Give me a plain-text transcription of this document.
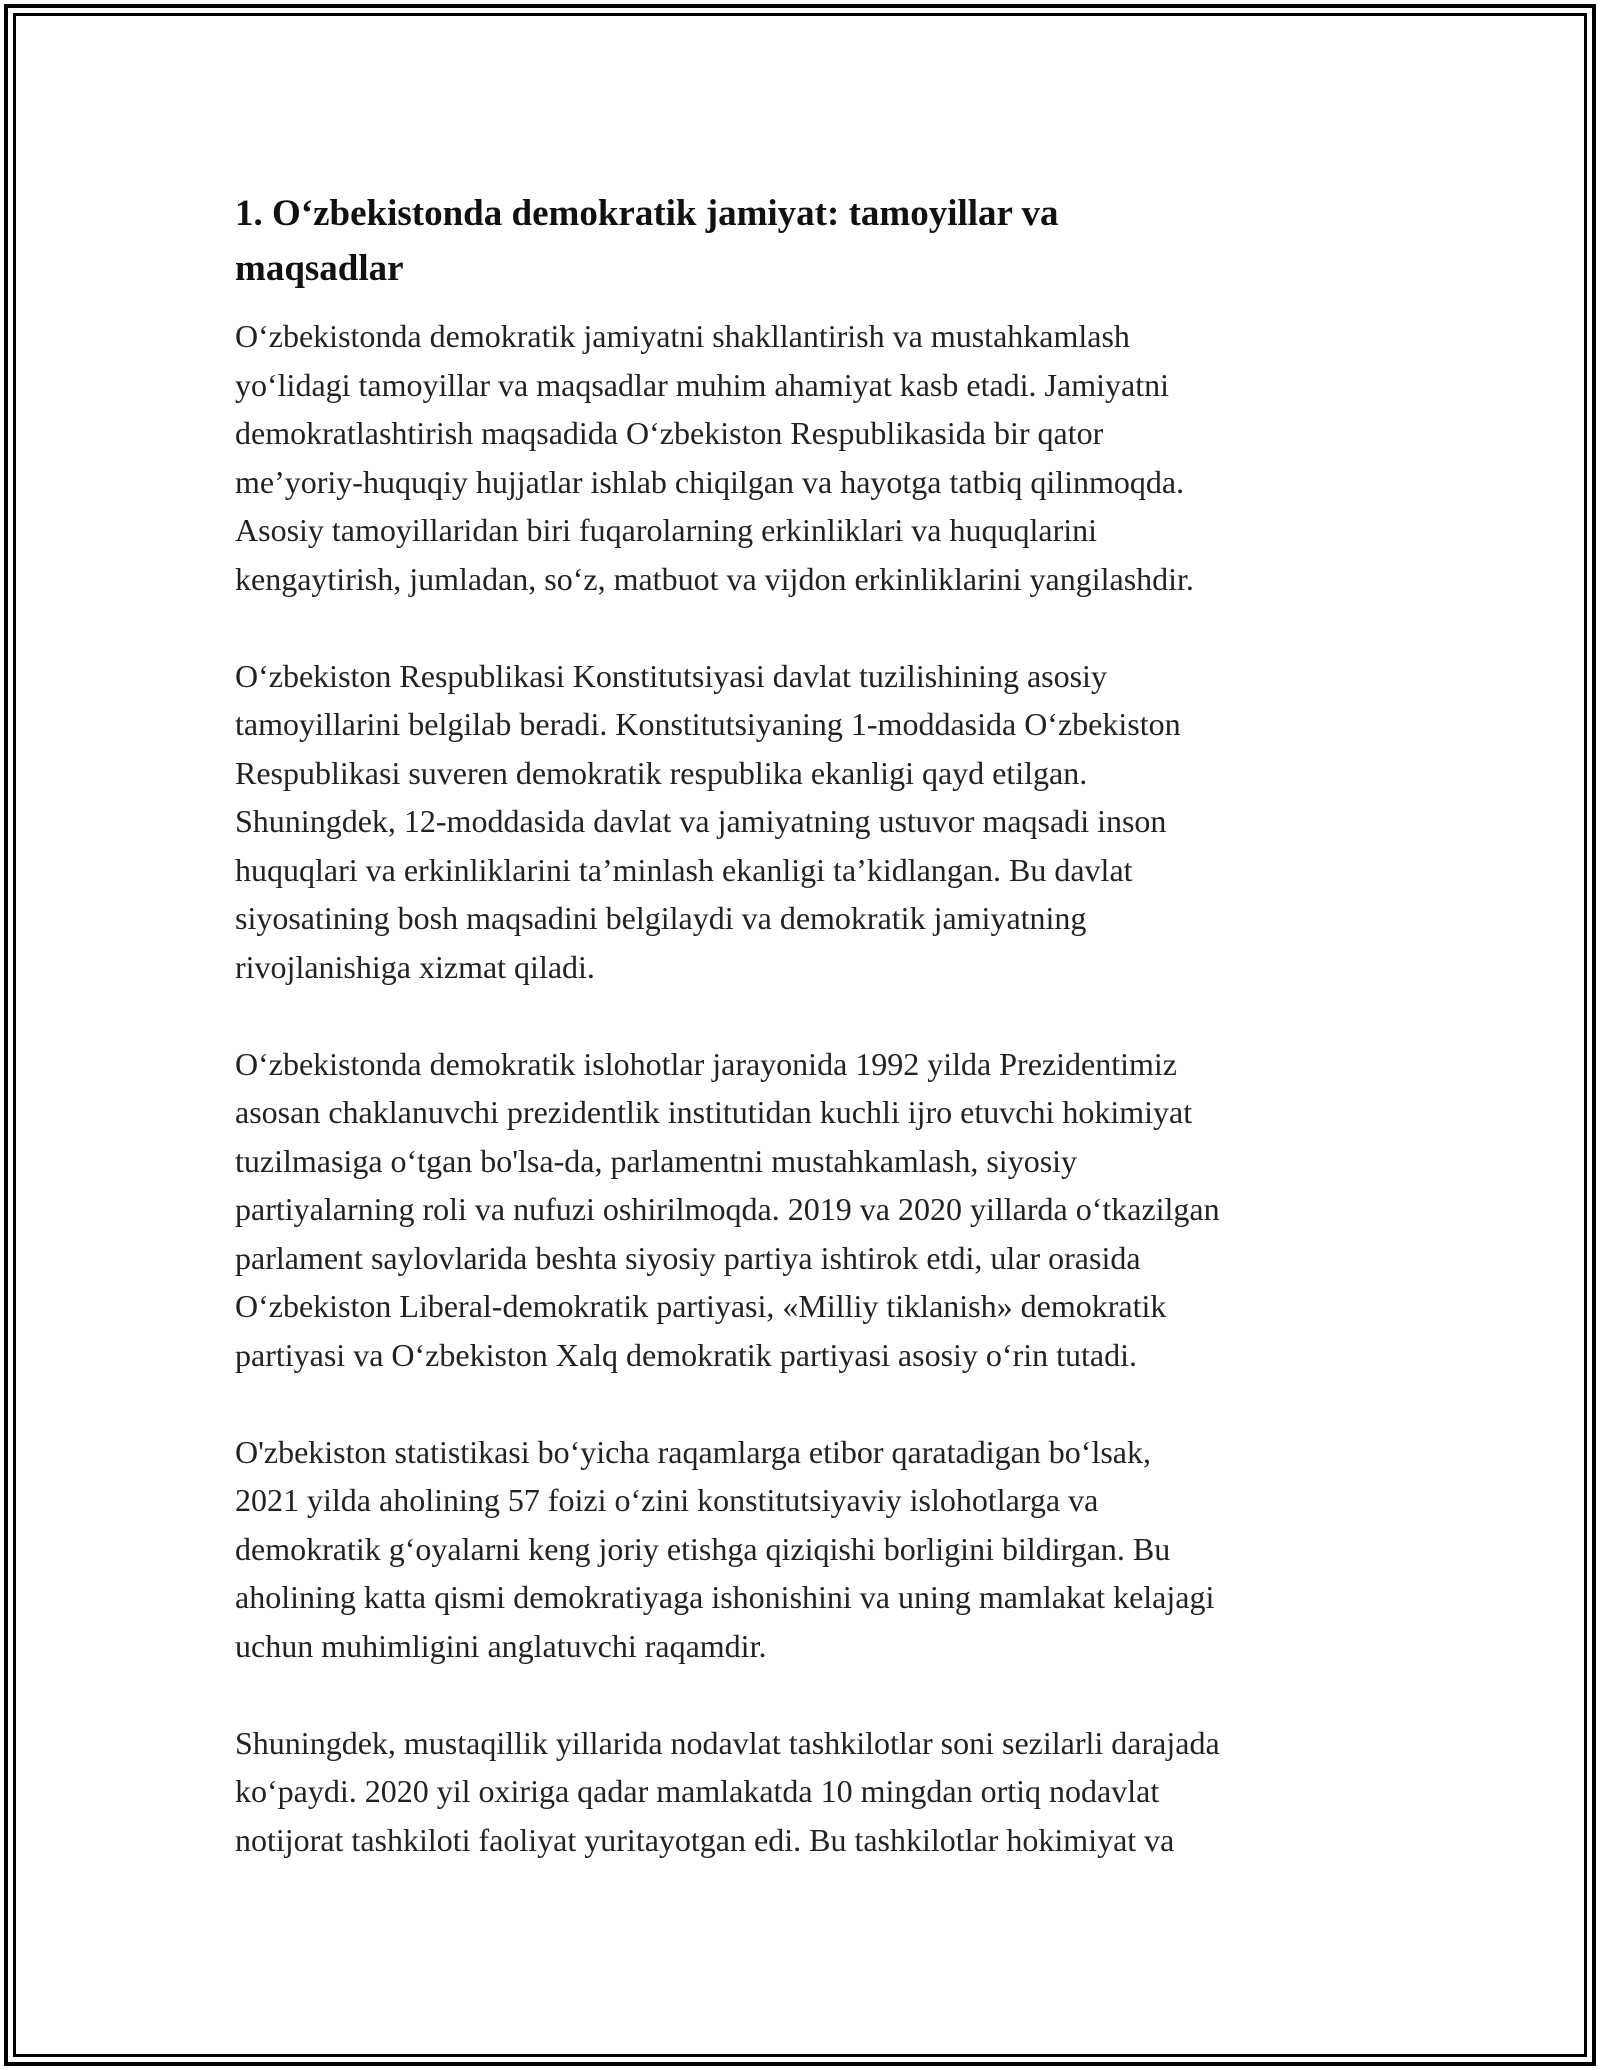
1. O‘zbekistonda demokratik jamiyat: tamoyillar va
maqsadlar

O‘zbekistonda demokratik jamiyatni shakllantirish va mustahkamlash
yo‘lidagi tamoyillar va maqsadlar muhim ahamiyat kasb etadi. Jamiyatni
demokratlashtirish maqsadida O‘zbekiston Respublikasida bir qator
me’yoriy-huquqiy hujjatlar ishlab chiqilgan va hayotga tatbiq qilinmoqda.
Asosiy tamoyillaridan biri fuqarolarning erkinliklari va huquqlarini
kengaytirish, jumladan, so‘z, matbuot va vijdon erkinliklarini yangilashdir.

O‘zbekiston Respublikasi Konstitutsiyasi davlat tuzilishining asosiy
tamoyillarini belgilab beradi. Konstitutsiyaning 1-moddasida O‘zbekiston
Respublikasi suveren demokratik respublika ekanligi qayd etilgan.
Shuningdek, 12-moddasida davlat va jamiyatning ustuvor maqsadi inson
huquqlari va erkinliklarini ta’minlash ekanligi ta’kidlangan. Bu davlat
siyosatining bosh maqsadini belgilaydi va demokratik jamiyatning
rivojlanishiga xizmat qiladi.

O‘zbekistonda demokratik islohotlar jarayonida 1992 yilda Prezidentimiz
asosan chaklanuvchi prezidentlik institutidan kuchli ijro etuvchi hokimiyat
tuzilmasiga o‘tgan bo'lsa-da, parlamentni mustahkamlash, siyosiy
partiyalarning roli va nufuzi oshirilmoqda. 2019 va 2020 yillarda o‘tkazilgan
parlament saylovlarida beshta siyosiy partiya ishtirok etdi, ular orasida
O‘zbekiston Liberal-demokratik partiyasi, «Milliy tiklanish» demokratik
partiyasi va O‘zbekiston Xalq demokratik partiyasi asosiy o‘rin tutadi.

O'zbekiston statistikasi bo‘yicha raqamlarga etibor qaratadigan bo‘lsak,
2021 yilda aholining 57 foizi o‘zini konstitutsiyaviy islohotlarga va
demokratik g‘oyalarni keng joriy etishga qiziqishi borligini bildirgan. Bu
aholining katta qismi demokratiyaga ishonishini va uning mamlakat kelajagi
uchun muhimligini anglatuvchi raqamdir.

Shuningdek, mustaqillik yillarida nodavlat tashkilotlar soni sezilarli darajada
ko‘paydi. 2020 yil oxiriga qadar mamlakatda 10 mingdan ortiq nodavlat
notijorat tashkiloti faoliyat yuritayotgan edi. Bu tashkilotlar hokimiyat va
